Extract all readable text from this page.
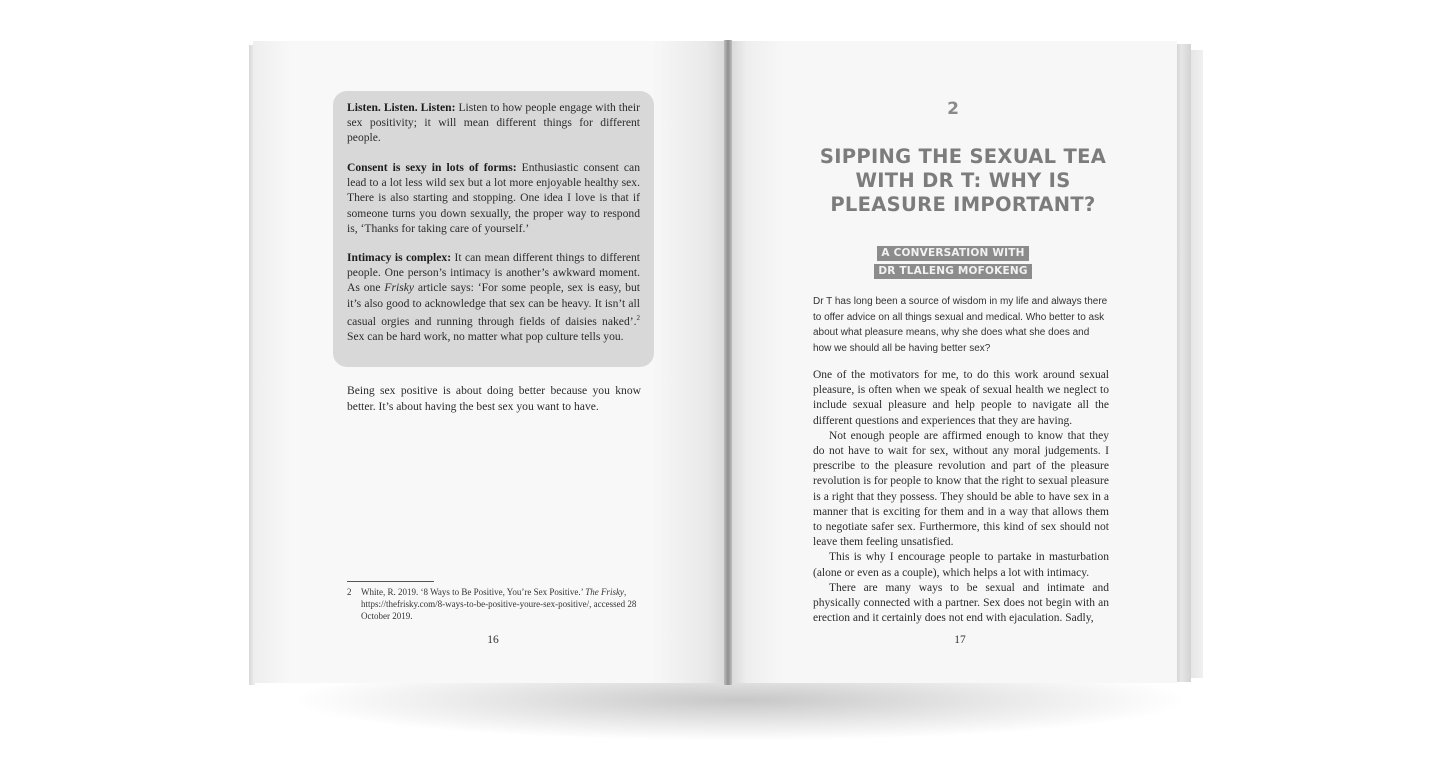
Listen. Listen. Listen: Listen to how people engage with their sex positivity; it will mean different things for different people.

Consent is sexy in lots of forms: Enthusiastic consent can lead to a lot less wild sex but a lot more enjoyable healthy sex. There is also starting and stopping. One idea I love is that if someone turns you down sexually, the proper way to respond is, ‘Thanks for taking care of yourself.’

Intimacy is complex: It can mean different things to different people. One person’s intimacy is another’s awkward moment. As one Frisky article says: ‘For some people, sex is easy, but it’s also good to acknowledge that sex can be heavy. It isn’t all casual orgies and running through fields of daisies naked’.$^2$ Sex can be hard work, no matter what pop culture tells you.

Being sex positive is about doing better because you know better. It’s about having the best sex you want to have.

2 White, R. 2019. ‘8 Ways to Be Positive, You’re Sex Positive.’ The Frisky, https://thefrisky.com/8-ways-to-be-positive-youre-sex-positive/, accessed 28 October 2019.
16
2
SIPPING THE SEXUAL TEA WITH DR T: WHY IS PLEASURE IMPORTANT?
A CONVERSATION WITH
DR TLALENG MOFOKENG

Dr T has long been a source of wisdom in my life and always there to offer advice on all things sexual and medical. Who better to ask about what pleasure means, why she does what she does and how we should all be having better sex?

One of the motivators for me, to do this work around sexual pleasure, is often when we speak of sexual health we neglect to include sexual pleasure and help people to navigate all the different questions and experiences that they are having.

Not enough people are affirmed enough to know that they do not have to wait for sex, without any moral judgements. I prescribe to the pleasure revolution and part of the pleasure revolution is for people to know that the right to sexual pleasure is a right that they possess. They should be able to have sex in a manner that is exciting for them and in a way that allows them to negotiate safer sex. Furthermore, this kind of sex should not leave them feeling unsatisfied.

This is why I encourage people to partake in masturbation (alone or even as a couple), which helps a lot with intimacy.

There are many ways to be sexual and intimate and physically connected with a partner. Sex does not begin with an erection and it certainly does not end with ejaculation. Sadly,

17
